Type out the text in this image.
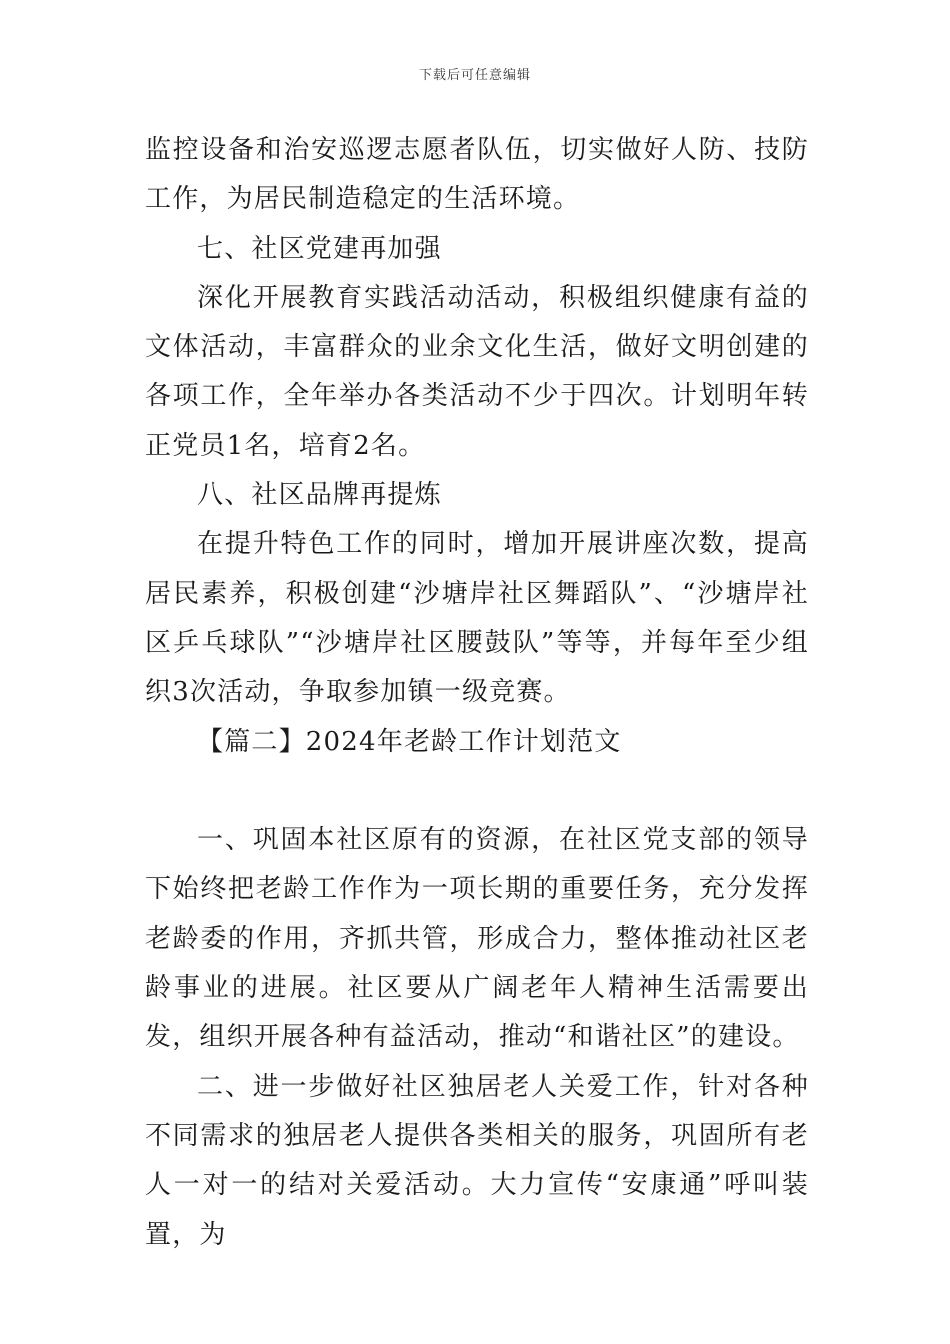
下载后可任意编辑

监控设备和治安巡逻志愿者队伍，切实做好人防、技防工作，为居民制造稳定的生活环境。

七、社区党建再加强

深化开展教育实践活动活动，积极组织健康有益的文体活动，丰富群众的业余文化生活，做好文明创建的各项工作，全年举办各类活动不少于四次。计划明年转正党员1名，培育2名。

八、社区品牌再提炼

在提升特色工作的同时，增加开展讲座次数，提高居民素养，积极创建“沙塘岸社区舞蹈队”、“沙塘岸社区乒乓球队”“沙塘岸社区腰鼓队”等等，并每年至少组织3次活动，争取参加镇一级竞赛。

【篇二】2024年老龄工作计划范文

一、巩固本社区原有的资源，在社区党支部的领导下始终把老龄工作作为一项长期的重要任务，充分发挥老龄委的作用，齐抓共管，形成合力，整体推动社区老龄事业的进展。社区要从广阔老年人精神生活需要出发，组织开展各种有益活动，推动“和谐社区”的建设。

二、进一步做好社区独居老人关爱工作，针对各种不同需求的独居老人提供各类相关的服务，巩固所有老人一对一的结对关爱活动。大力宣传“安康通”呼叫装置，为
